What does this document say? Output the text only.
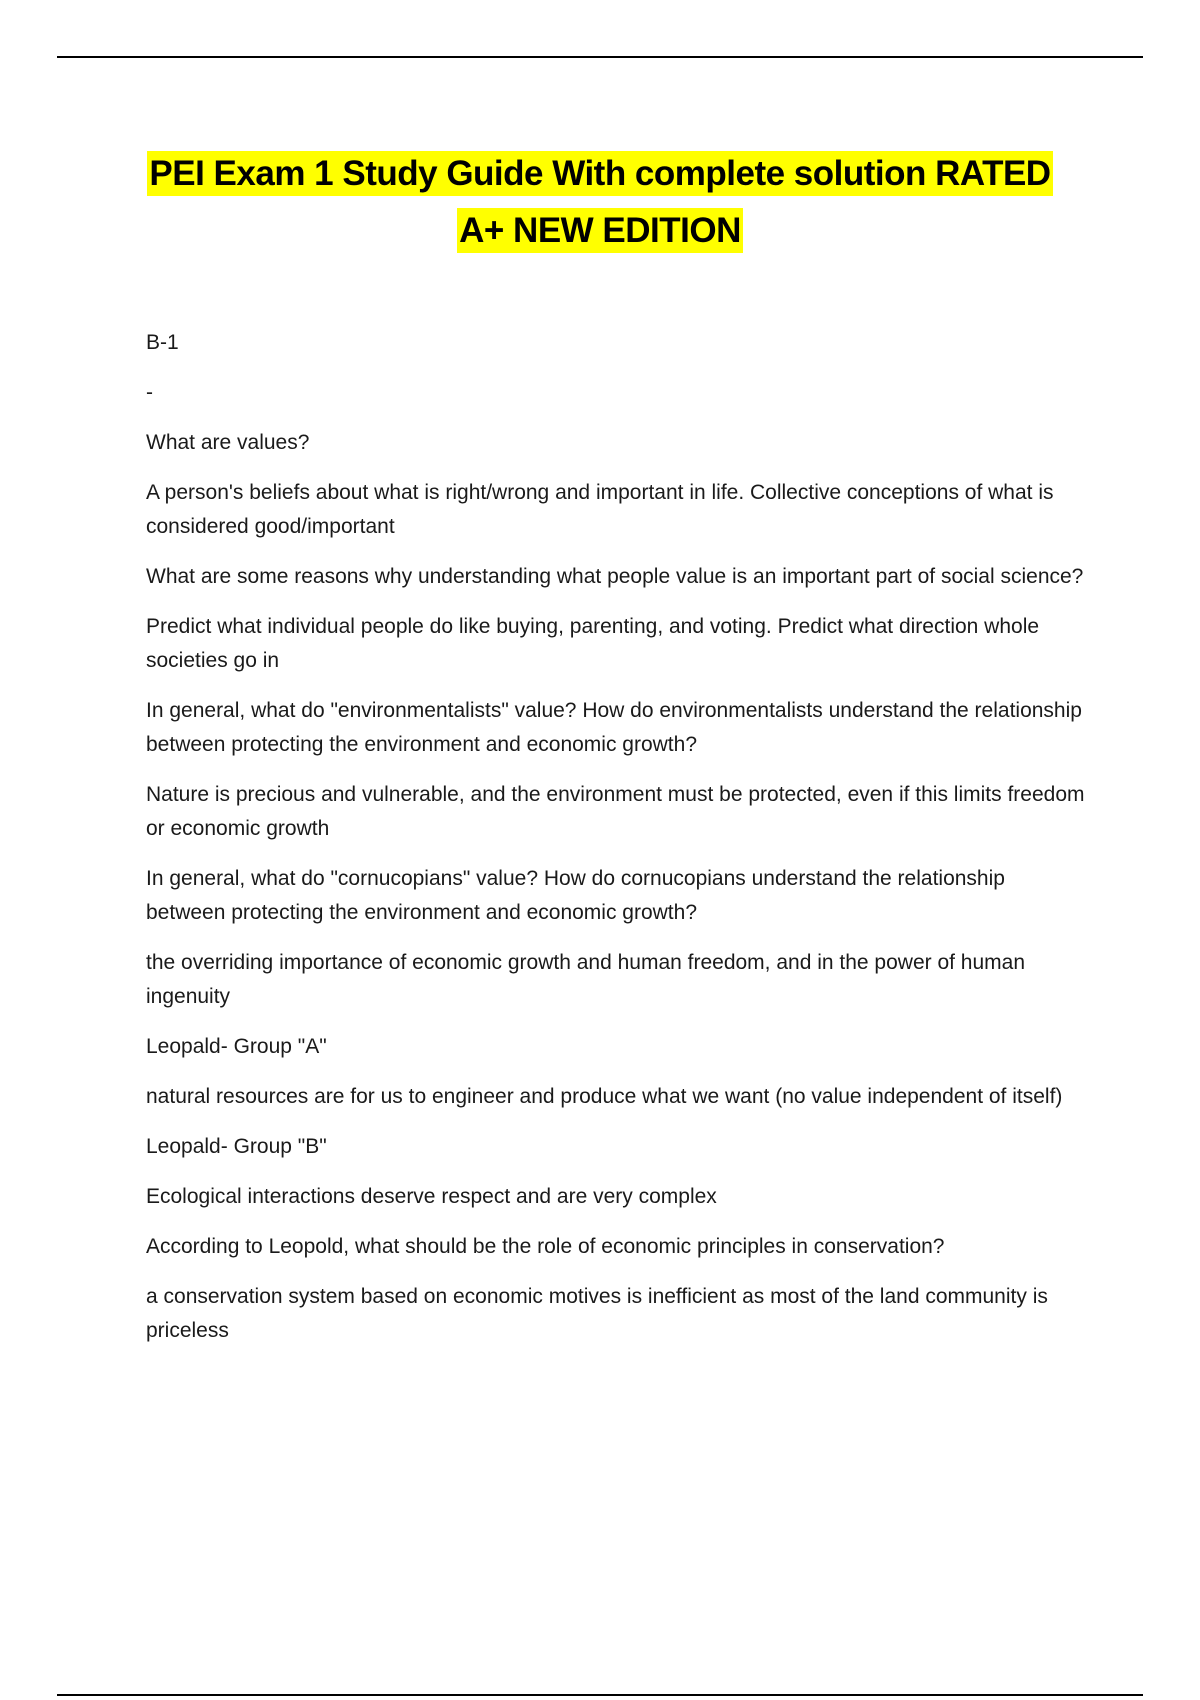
PEI Exam 1 Study Guide With complete solution RATED
A+ NEW EDITION

B-1

-

What are values?

A person's beliefs about what is right/wrong and important in life. Collective conceptions of what is considered good/important

What are some reasons why understanding what people value is an important part of social science?

Predict what individual people do like buying, parenting, and voting. Predict what direction whole societies go in

In general, what do "environmentalists" value? How do environmentalists understand the relationship between protecting the environment and economic growth?

Nature is precious and vulnerable, and the environment must be protected, even if this limits freedom or economic growth

In general, what do "cornucopians" value? How do cornucopians understand the relationship between protecting the environment and economic growth?

the overriding importance of economic growth and human freedom, and in the power of human ingenuity

Leopald- Group "A"

natural resources are for us to engineer and produce what we want (no value independent of itself)

Leopald- Group "B"

Ecological interactions deserve respect and are very complex

According to Leopold, what should be the role of economic principles in conservation?

a conservation system based on economic motives is inefficient as most of the land community is priceless
